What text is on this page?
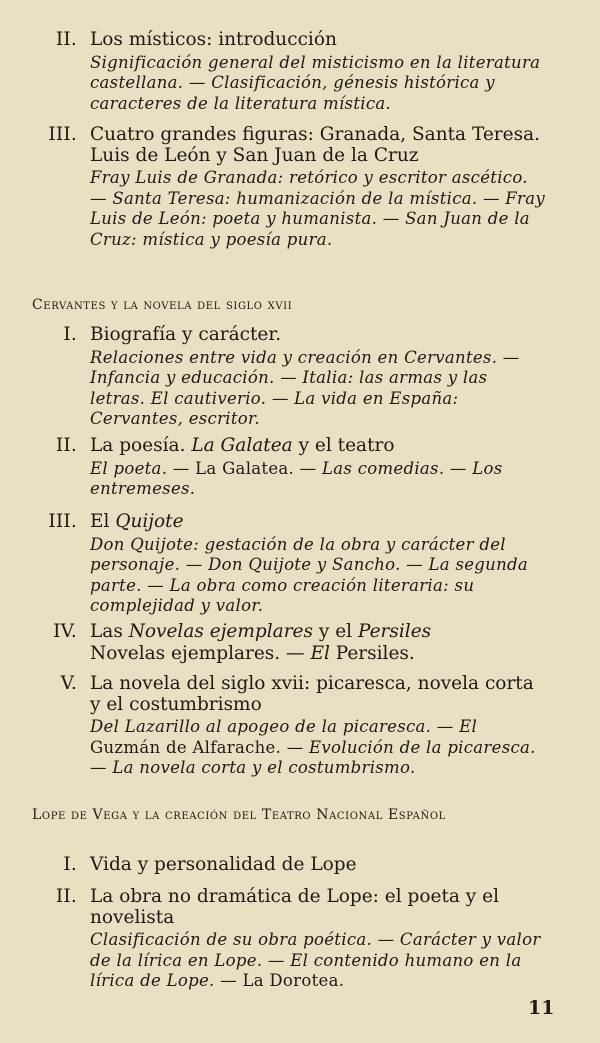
II. Los místicos: introducción
Significación general del misticismo en la literatura castellana. — Clasificación, génesis histórica y caracteres de la literatura mística.
III. Cuatro grandes figuras: Granada, Santa Teresa. Luis de León y San Juan de la Cruz
Fray Luis de Granada: retórico y escritor ascético. — Santa Teresa: humanización de la mística. — Fray Luis de León: poeta y humanista. — San Juan de la Cruz: mística y poesía pura.
Cervantes y la novela del siglo xvii
I. Biografía y carácter.
Relaciones entre vida y creación en Cervantes. — Infancia y educación. — Italia: las armas y las letras. El cautiverio. — La vida en España: Cervantes, escritor.
II. La poesía. La Galatea y el teatro
El poeta. — La Galatea. — Las comedias. — Los entremeses.
III. El Quijote
Don Quijote: gestación de la obra y carácter del personaje. — Don Quijote y Sancho. — La segunda parte. — La obra como creación literaria: su complejidad y valor.
IV. Las Novelas ejemplares y el Persiles
Novelas ejemplares. — El Persiles.
V. La novela del siglo xvii: picaresca, novela corta y el costumbrismo
Del Lazarillo al apogeo de la picaresca. — El Guzmán de Alfarache. — Evolución de la picaresca. — La novela corta y el costumbrismo.
Lope de Vega y la creación del Teatro Nacional Español
I. Vida y personalidad de Lope
II. La obra no dramática de Lope: el poeta y el novelista
Clasificación de su obra poética. — Carácter y valor de la lírica en Lope. — El contenido humano en la lírica de Lope. — La Dorotea.
11
